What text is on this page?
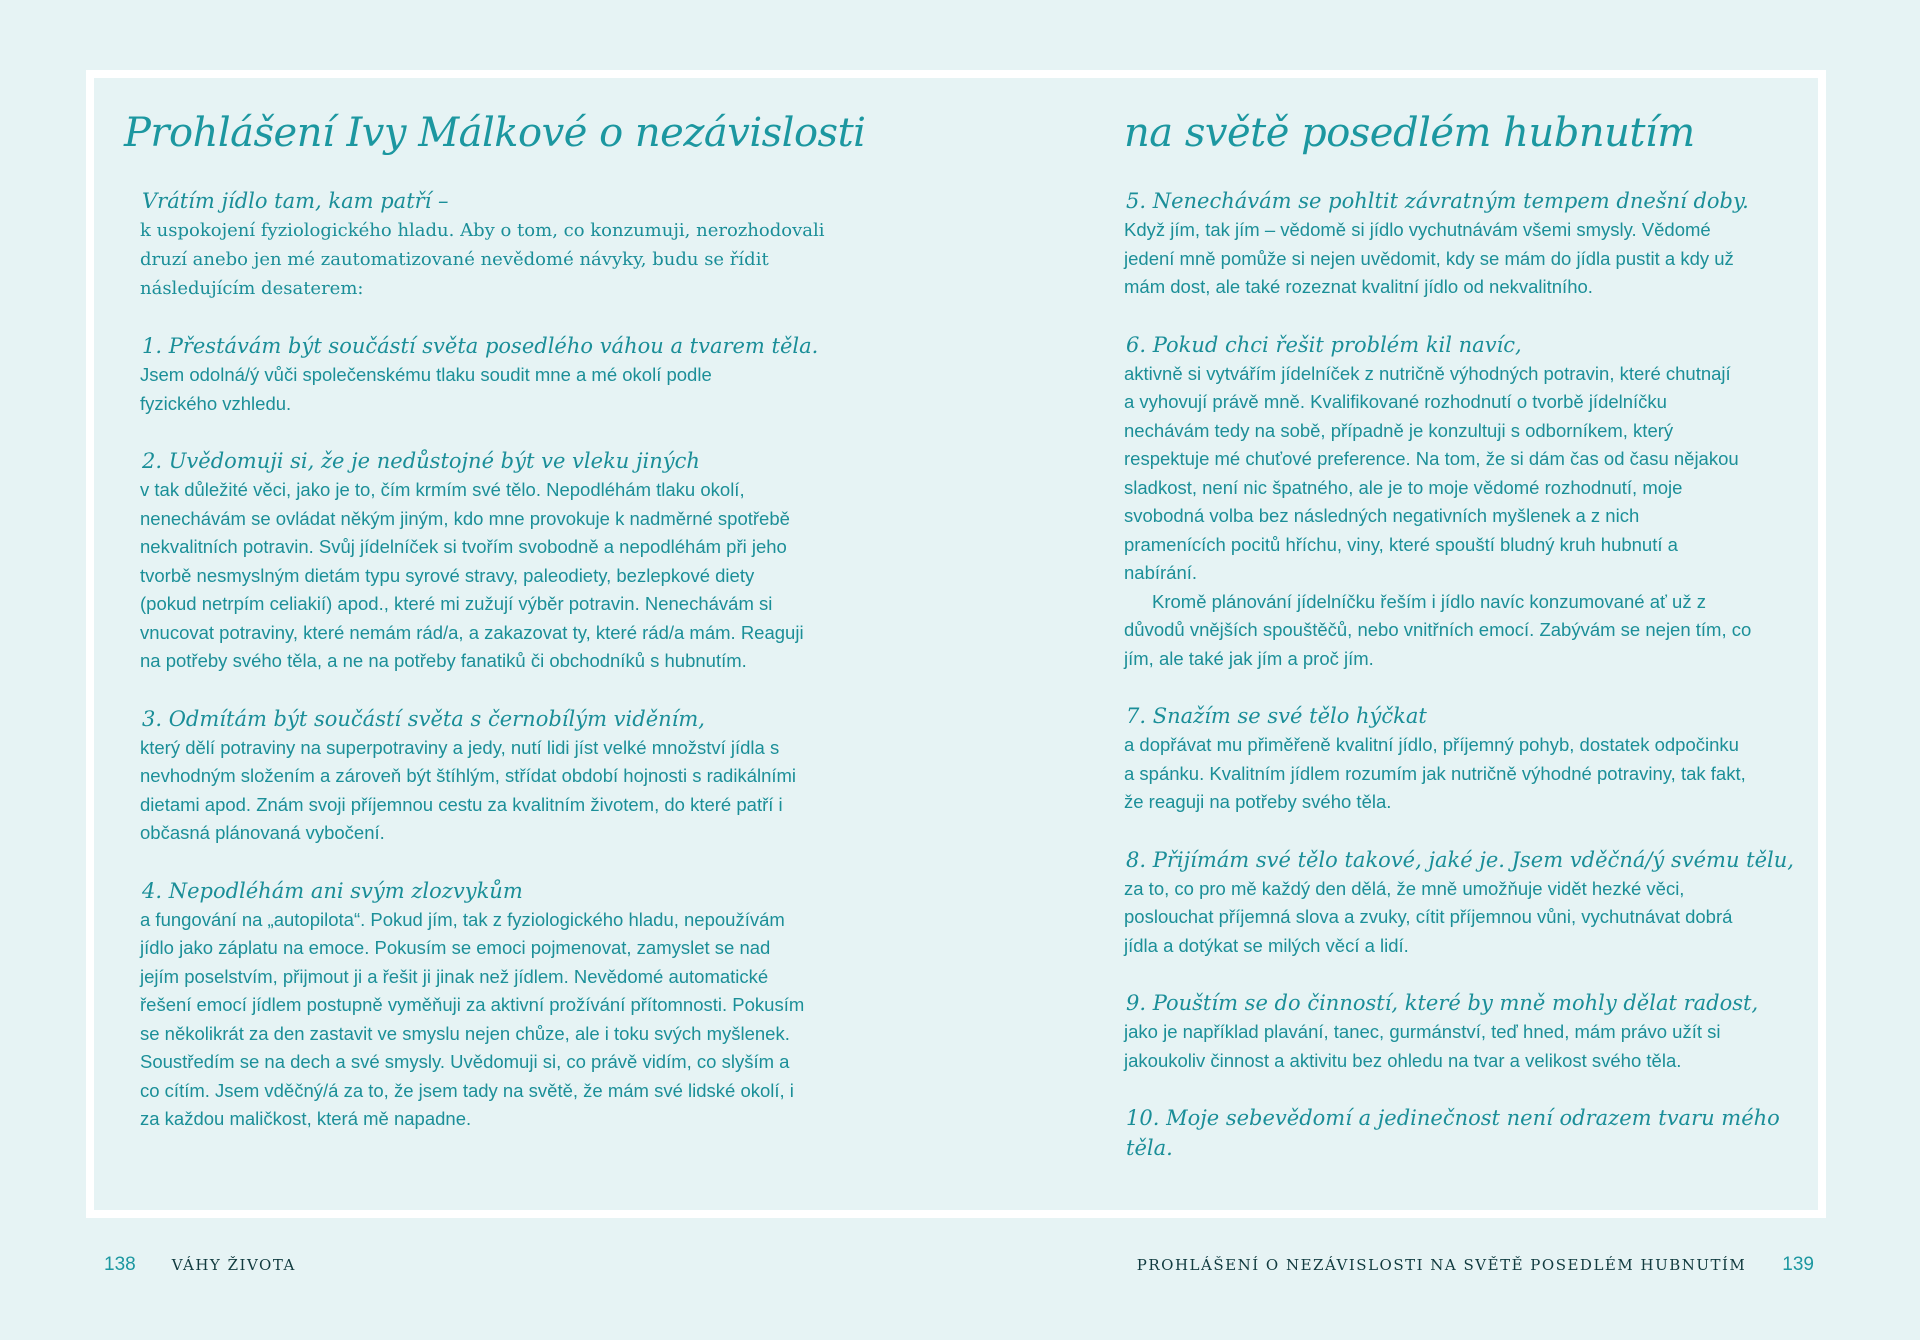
Prohlášení Ivy Málkové o nezávislosti	na světě posedlém hubnutím
Vrátím jídlo tam, kam patří –
k uspokojení fyziologického hladu. Aby o tom, co konzumuji, nerozhodovali druzí anebo jen mé zautomatizované nevědomé návyky, budu se řídit následujícím desaterem:
1. Přestávám být součástí světa posedlého váhou a tvarem těla.
Jsem odolná/ý vůči společenskému tlaku soudit mne a mé okolí podle fyzického vzhledu.
2. Uvědomuji si, že je nedůstojné být ve vleku jiných
v tak důležité věci, jako je to, čím krmím své tělo. Nepodléhám tlaku okolí, nenechávám se ovládat někým jiným, kdo mne provokuje k nadměrné spotřebě nekvalitních potravin. Svůj jídelníček si tvořím svobodně a nepodléhám při jeho tvorbě nesmyslným dietám typu syrové stravy, paleodiety, bezlepkové diety (pokud netrpím celiakií) apod., které mi zužují výběr potravin. Nenechávám si vnucovat potraviny, které nemám rád/a, a zakazovat ty, které rád/a mám. Reaguji na potřeby svého těla, a ne na potřeby fanatiků či obchodníků s hubnutím.
3. Odmítám být součástí světa s černobílým viděním,
který dělí potraviny na superpotraviny a jedy, nutí lidi jíst velké množství jídla s nevhodným složením a zároveň být štíhlým, střídat období hojnosti s radikálními dietami apod. Znám svoji příjemnou cestu za kvalitním životem, do které patří i občasná plánovaná vybočení.
4. Nepodléhám ani svým zlozvykům
a fungování na „autopilota“. Pokud jím, tak z fyziologického hladu, nepoužívám jídlo jako záplatu na emoce. Pokusím se emoci pojmenovat, zamyslet se nad jejím poselstvím, přijmout ji a řešit ji jinak než jídlem. Nevědomé automatické řešení emocí jídlem postupně vyměňuji za aktivní prožívání přítomnosti. Pokusím se několikrát za den zastavit ve smyslu nejen chůze, ale i toku svých myšlenek. Soustředím se na dech a své smysly. Uvědomuji si, co právě vidím, co slyším a co cítím. Jsem vděčný/á za to, že jsem tady na světě, že mám své lidské okolí, i za každou maličkost, která mě napadne.
5. Nenechávám se pohltit závratným tempem dnešní doby.
Když jím, tak jím – vědomě si jídlo vychutnávám všemi smysly. Vědomé jedení mně pomůže si nejen uvědomit, kdy se mám do jídla pustit a kdy už mám dost, ale také rozeznat kvalitní jídlo od nekvalitního.
6. Pokud chci řešit problém kil navíc,
aktivně si vytvářím jídelníček z nutričně výhodných potravin, které chutnají a vyhovují právě mně. Kvalifikované rozhodnutí o tvorbě jídelníčku nechávám tedy na sobě, případně je konzultuji s odborníkem, který respektuje mé chuťové preference. Na tom, že si dám čas od času nějakou sladkost, není nic špatného, ale je to moje vědomé rozhodnutí, moje svobodná volba bez následných negativních myšlenek a z nich pramenících pocitů hříchu, viny, které spouští bludný kruh hubnutí a nabírání.
Kromě plánování jídelníčku řeším i jídlo navíc konzumované ať už z důvodů vnějších spouštěčů, nebo vnitřních emocí. Zabývám se nejen tím, co jím, ale také jak jím a proč jím.
7. Snažím se své tělo hýčkat
a dopřávat mu přiměřeně kvalitní jídlo, příjemný pohyb, dostatek odpočinku a spánku. Kvalitním jídlem rozumím jak nutričně výhodné potraviny, tak fakt, že reaguji na potřeby svého těla.
8. Přijímám své tělo takové, jaké je. Jsem vděčná/ý svému tělu,
za to, co pro mě každý den dělá, že mně umožňuje vidět hezké věci, poslouchat příjemná slova a zvuky, cítit příjemnou vůni, vychutnávat dobrá jídla a dotýkat se milých věcí a lidí.
9. Pouštím se do činností, které by mně mohly dělat radost,
jako je například plavání, tanec, gurmánství, teď hned, mám právo užít si jakoukoliv činnost a aktivitu bez ohledu na tvar a velikost svého těla.
10. Moje sebevědomí a jedinečnost není odrazem tvaru mého těla.
138 VÁHY ŽIVOTA	PROHLÁŠENÍ O NEZÁVISLOSTI NA SVĚTĚ POSEDLÉM HUBNUTÍM 139
